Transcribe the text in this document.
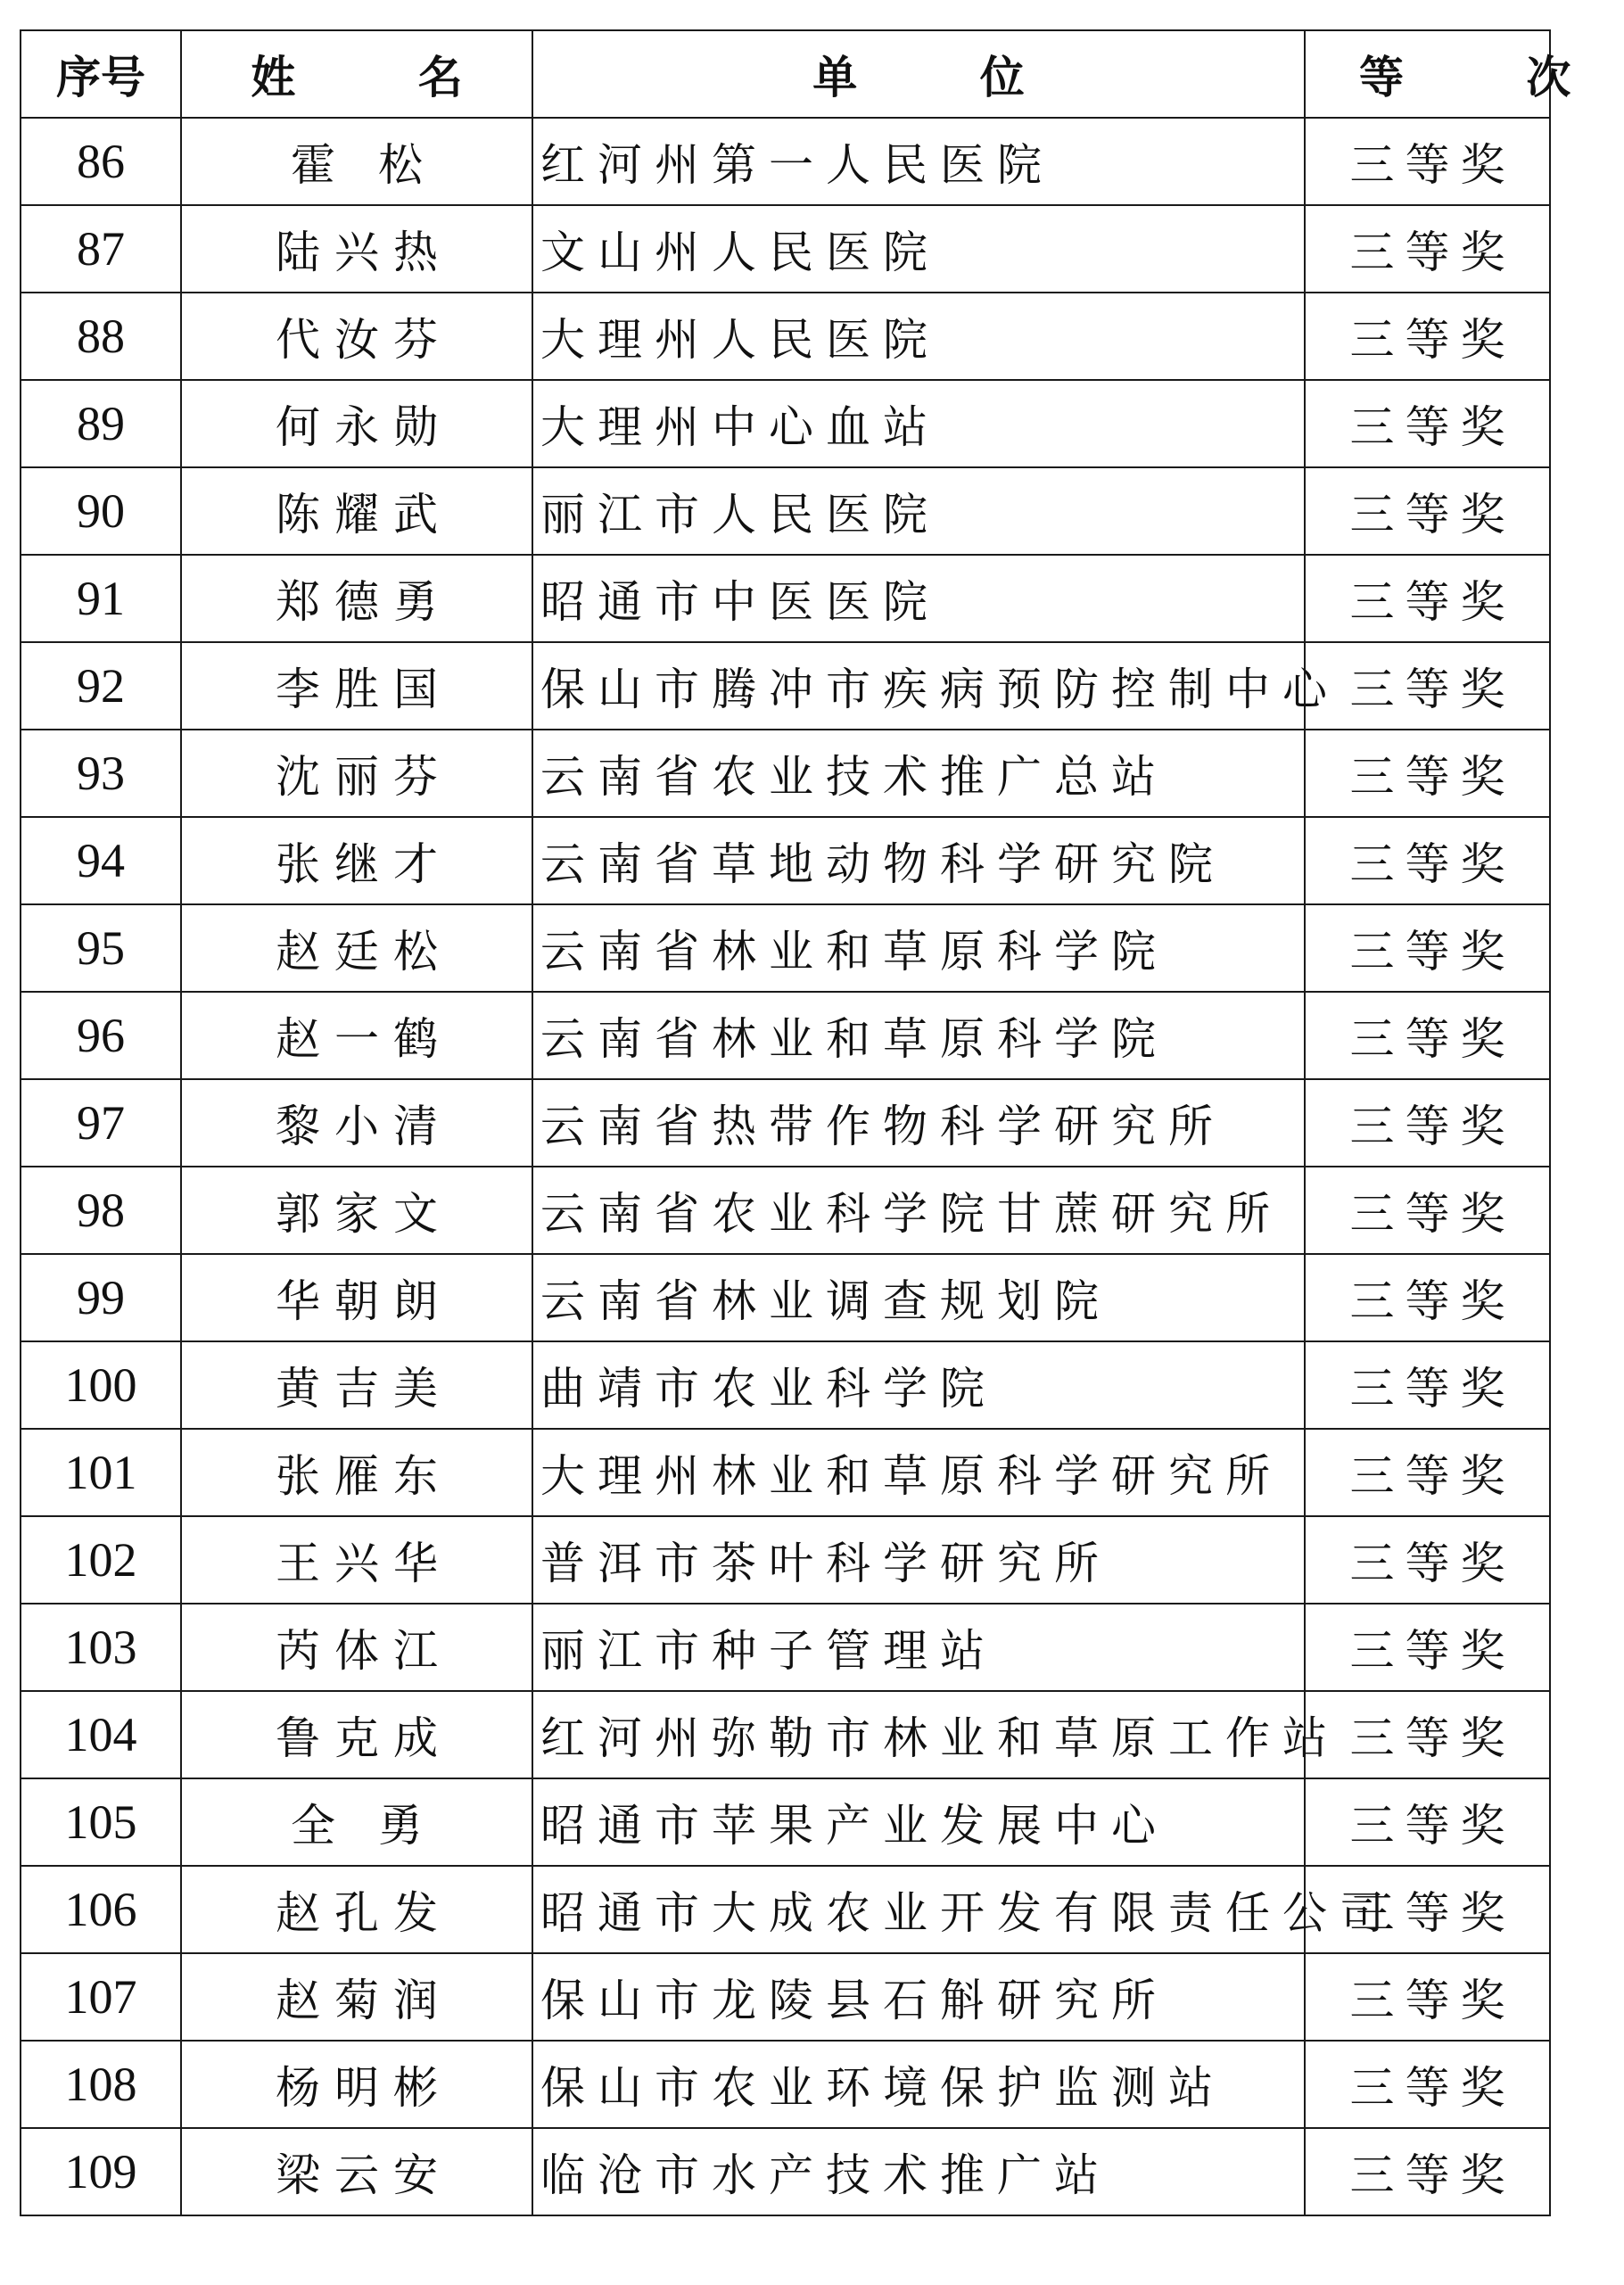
序号	姓 名	单 位	等 次
86	霍 松	红河州第一人民医院	三等奖
87	陆兴热	文山州人民医院	三等奖
88	代汝芬	大理州人民医院	三等奖
89	何永勋	大理州中心血站	三等奖
90	陈耀武	丽江市人民医院	三等奖
91	郑德勇	昭通市中医医院	三等奖
92	李胜国	保山市腾冲市疾病预防控制中心	三等奖
93	沈丽芬	云南省农业技术推广总站	三等奖
94	张继才	云南省草地动物科学研究院	三等奖
95	赵廷松	云南省林业和草原科学院	三等奖
96	赵一鹤	云南省林业和草原科学院	三等奖
97	黎小清	云南省热带作物科学研究所	三等奖
98	郭家文	云南省农业科学院甘蔗研究所	三等奖
99	华朝朗	云南省林业调查规划院	三等奖
100	黄吉美	曲靖市农业科学院	三等奖
101	张雁东	大理州林业和草原科学研究所	三等奖
102	王兴华	普洱市茶叶科学研究所	三等奖
103	芮体江	丽江市种子管理站	三等奖
104	鲁克成	红河州弥勒市林业和草原工作站	三等奖
105	全 勇	昭通市苹果产业发展中心	三等奖
106	赵孔发	昭通市大成农业开发有限责任公司	三等奖
107	赵菊润	保山市龙陵县石斛研究所	三等奖
108	杨明彬	保山市农业环境保护监测站	三等奖
109	梁云安	临沧市水产技术推广站	三等奖
